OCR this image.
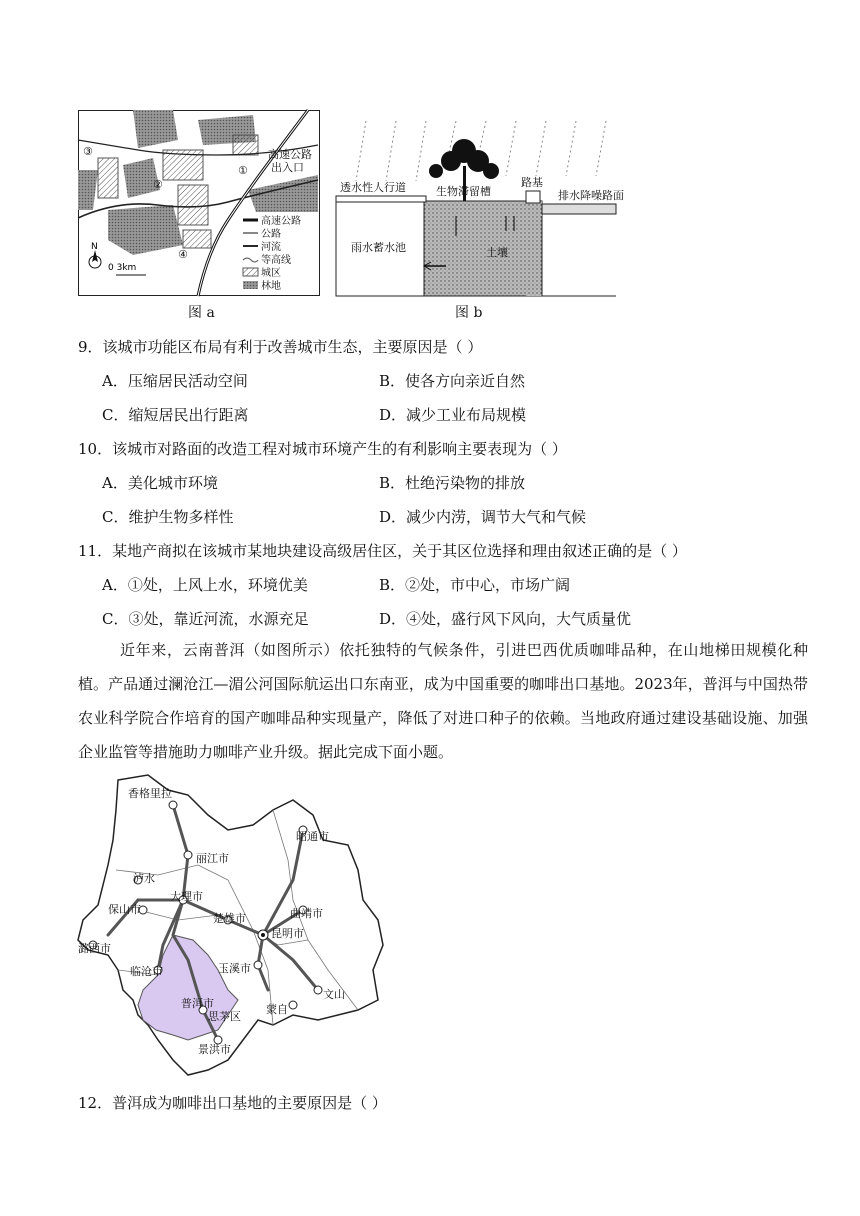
高速公路
公路
河流
等高线
城区
林地
③
②
①
④
高速公路
出入口
N
0 3km
图 a
透水性人行道	生物滞留槽
路基
排水降噪路面
雨水蓄水池	土壤
图 b
9．该城市功能区布局有利于改善城市生态，主要原因是（ ）
A．压缩居民活动空间	B．使各方向亲近自然
C．缩短居民出行距离	D．减少工业布局规模
10．该城市对路面的改造工程对城市环境产生的有利影响主要表现为（ ）
A．美化城市环境	B．杜绝污染物的排放
C．维护生物多样性	D．减少内涝，调节大气和气候
11．某地产商拟在该城市某地块建设高级居住区，关于其区位选择和理由叙述正确的是（ ）
A．①处，上风上水，环境优美	B．②处，市中心，市场广阔
C．③处，靠近河流，水源充足	D．④处，盛行风下风向，大气质量优
近年来，云南普洱（如图所示）依托独特的气候条件，引进巴西优质咖啡品种，在山地梯田规模化种植。产品通过澜沧江—湄公河国际航运出口东南亚，成为中国重要的咖啡出口基地。2023年，普洱与中国热带农业科学院合作培育的国产咖啡品种实现量产，降低了对进口种子的依赖。当地政府通过建设基础设施、加强企业监管等措施助力咖啡产业升级。据此完成下面小题。
香格里拉
丽江市
泸水
大理市
保山市
楚雄市
昭通市
曲靖市
昆明市
潞西市
临沧市	玉溪市
普洱市
思茅区
蒙自
文山
景洪市
12．普洱成为咖啡出口基地的主要原因是（ ）
